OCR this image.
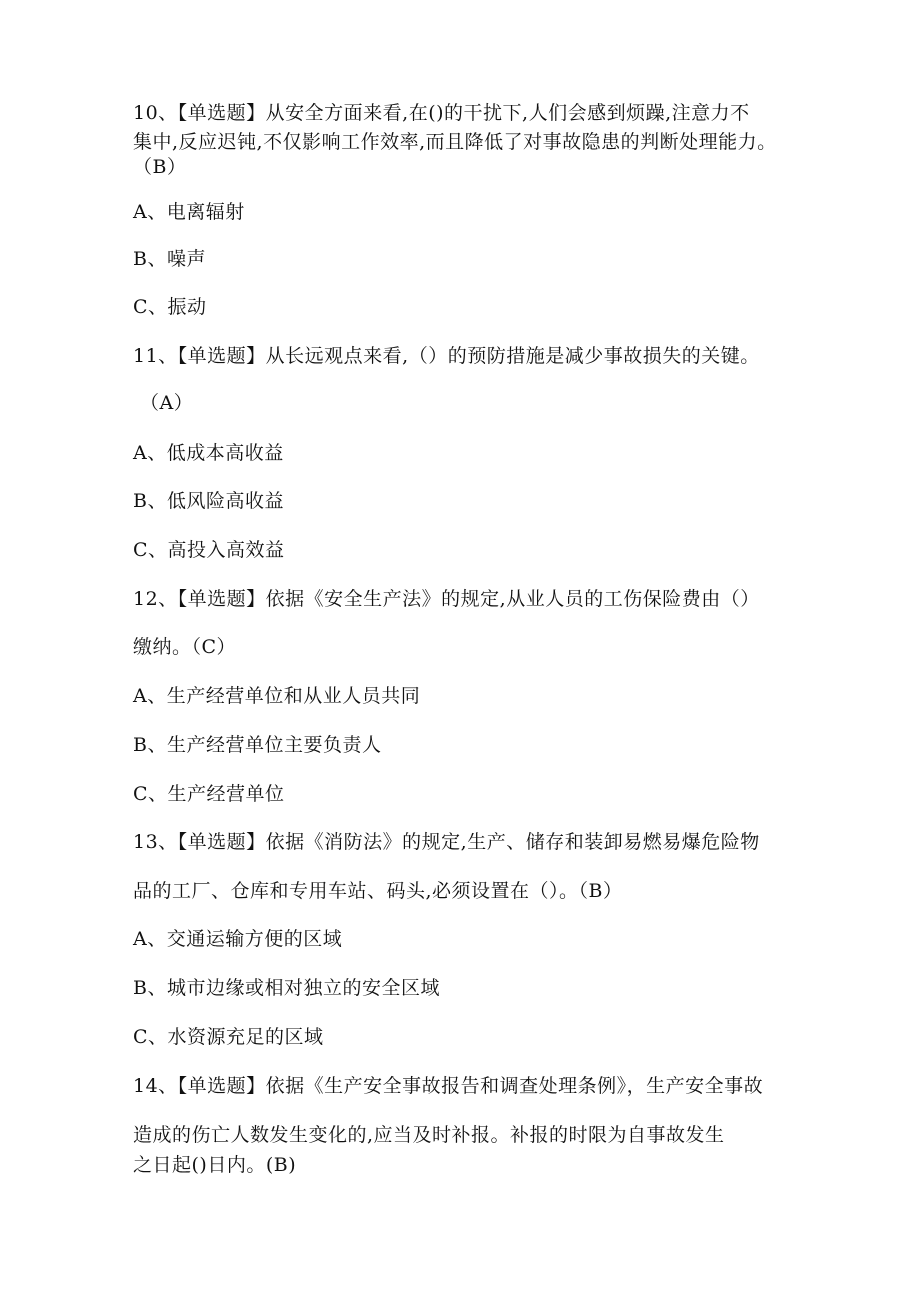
10、【单选题】从安全方面来看,在()的干扰下,人们会感到烦躁,注意力不
集中,反应迟钝,不仅影响工作效率,而且降低了对事故隐患的判断处理能力。
（B）
A、电离辐射
B、噪声
C、振动
11、【单选题】从长远观点来看,（）的预防措施是减少事故损失的关键。
（A）
A、低成本高收益
B、低风险高收益
C、高投入高效益
12、【单选题】依据《安全生产法》的规定,从业人员的工伤保险费由（）
缴纳。（C）
A、生产经营单位和从业人员共同
B、生产经营单位主要负责人
C、生产经营单位
13、【单选题】依据《消防法》的规定,生产、储存和装卸易燃易爆危险物
品的工厂、仓库和专用车站、码头,必须设置在（）。（B）
A、交通运输方便的区域
B、城市边缘或相对独立的安全区域
C、水资源充足的区域
14、【单选题】依据《生产安全事故报告和调查处理条例》，生产安全事故
造成的伤亡人数发生变化的,应当及时补报。补报的时限为自事故发生
之日起()日内。(B)
